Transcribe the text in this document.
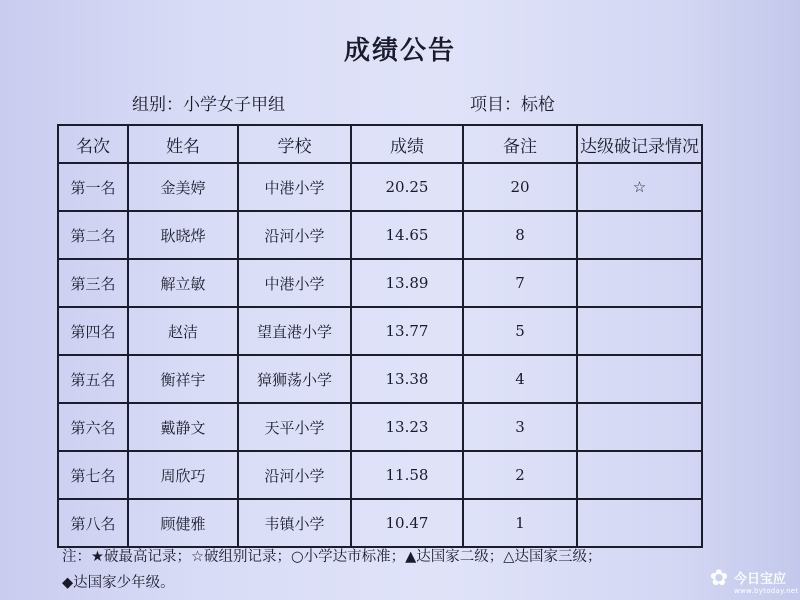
成绩公告
组别：小学女子甲组	项目：标枪
名次	姓名	学校	成绩	备注	达级破记录情况
第一名	金美婷	中港小学	20.25	20	☆
第二名	耿晓烨	沿河小学	14.65	8	
第三名	解立敏	中港小学	13.89	7	
第四名	赵洁	望直港小学	13.77	5	
第五名	衡祥宇	獐狮荡小学	13.38	4	
第六名	戴静文	天平小学	13.23	3	
第七名	周欣巧	沿河小学	11.58	2	
第八名	顾健雅	韦镇小学	10.47	1	
注：★破最高记录；☆破组别记录；○小学达市标准；▲达国家二级；△达国家三级；
◆达国家少年级。	✿ 今日宝应
www.bytoday.net
